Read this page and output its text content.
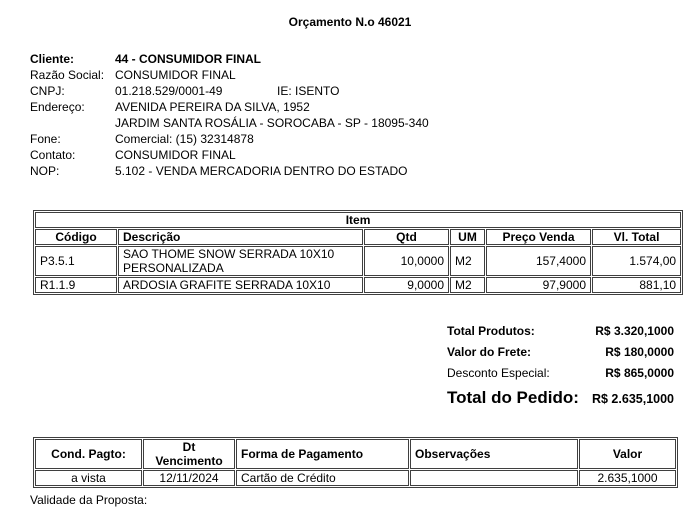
Orçamento N.o 46021
Cliente:	44 - CONSUMIDOR FINAL
Razão Social: CONSUMIDOR FINAL
CNPJ:	01.218.529/0001-49	IE: ISENTO
Endereço:	AVENIDA PEREIRA DA SILVA, 1952
JARDIM SANTA ROSÁLIA - SOROCABA - SP - 18095-340
Fone:	Comercial: (15) 32314878
Contato:	CONSUMIDOR FINAL
NOP:	5.102 - VENDA MERCADORIA DENTRO DO ESTADO
Item					
Código	Descrição	Qtd	UM	Preço Venda	Vl. Total
P3.5.1	SAO THOME SNOW SERRADA 10X10 PERSONALIZADA	10,0000	M2	157,4000	1.574,00
R1.1.9	ARDOSIA GRAFITE SERRADA 10X10	9,0000	M2	97,9000	881,10
Total Produtos:	R$ 3.320,1000
Valor do Frete:	R$ 180,0000
Desconto Especial:	R$ 865,0000
Total do Pedido: R$ 2.635,1000
Cond. Pagto:	Dt Vencimento	Forma de Pagamento	Observações	Valor
a vista	12/11/2024	Cartão de Crédito		2.635,1000
Validade da Proposta:
